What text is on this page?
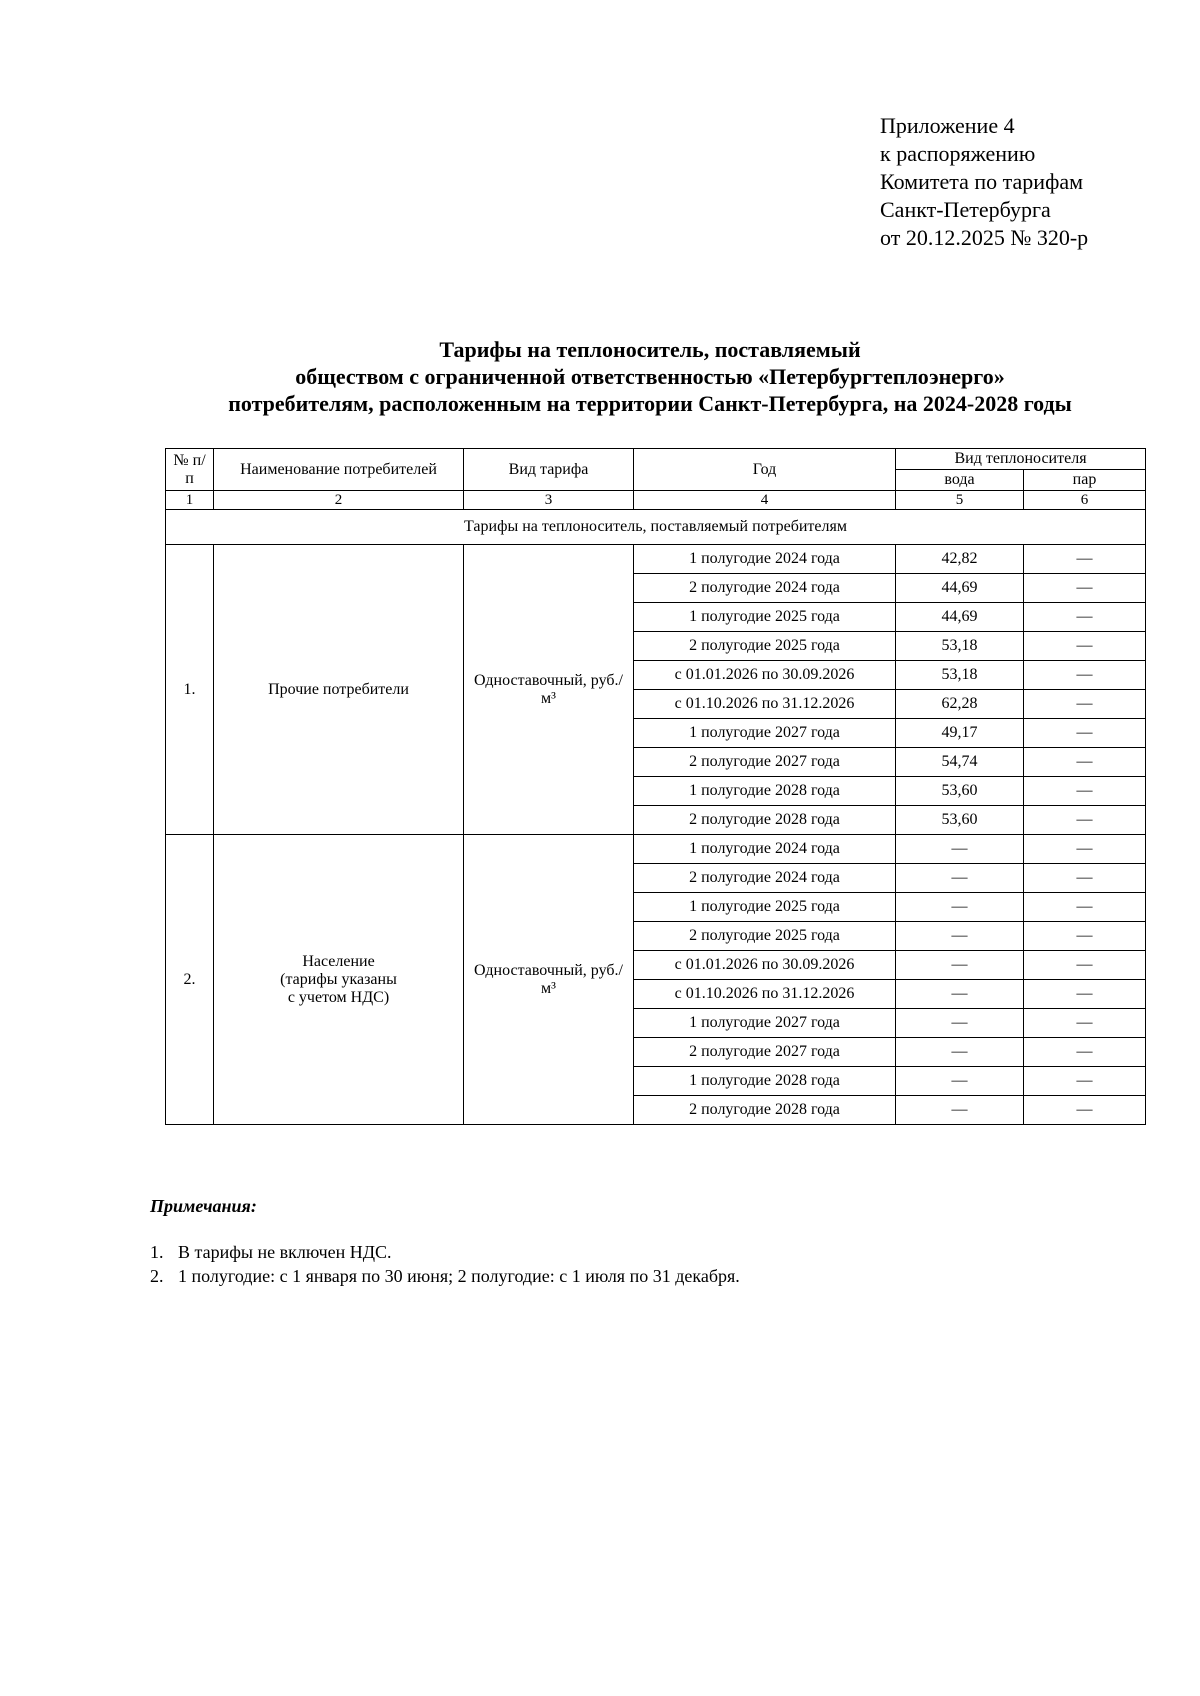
Приложение 4
к распоряжению
Комитета по тарифам
Санкт-Петербурга
от 20.12.2025 № 320-р
Тарифы на теплоноситель, поставляемый
обществом с ограниченной ответственностью «Петербургтеплоэнерго»
потребителям, расположенным на территории Санкт-Петербурга, на 2024-2028 годы
№ п/п	Наименование потребителей	Вид тарифа	Год	Вид теплоносителя	
				вода	пар
1	2	3	4	5	6
Тарифы на теплоноситель, поставляемый потребителям					
1.	Прочие потребители	Одноставочный, руб./м³	1 полугодие 2024 года	42,82	—
			2 полугодие 2024 года	44,69	—
			1 полугодие 2025 года	44,69	—
			2 полугодие 2025 года	53,18	—
			с 01.01.2026 по 30.09.2026	53,18	—
			с 01.10.2026 по 31.12.2026	62,28	—
			1 полугодие 2027 года	49,17	—
			2 полугодие 2027 года	54,74	—
			1 полугодие 2028 года	53,60	—
			2 полугодие 2028 года	53,60	—
2.	Население
(тарифы указаны
с учетом НДС)	Одноставочный, руб./м³	1 полугодие 2024 года	—	—
			2 полугодие 2024 года	—	—
			1 полугодие 2025 года	—	—
			2 полугодие 2025 года	—	—
			с 01.01.2026 по 30.09.2026	—	—
			с 01.10.2026 по 31.12.2026	—	—
			1 полугодие 2027 года	—	—
			2 полугодие 2027 года	—	—
			1 полугодие 2028 года	—	—
			2 полугодие 2028 года	—	—
Примечания:
1. В тарифы не включен НДС.
2. 1 полугодие: с 1 января по 30 июня; 2 полугодие: с 1 июля по 31 декабря.
